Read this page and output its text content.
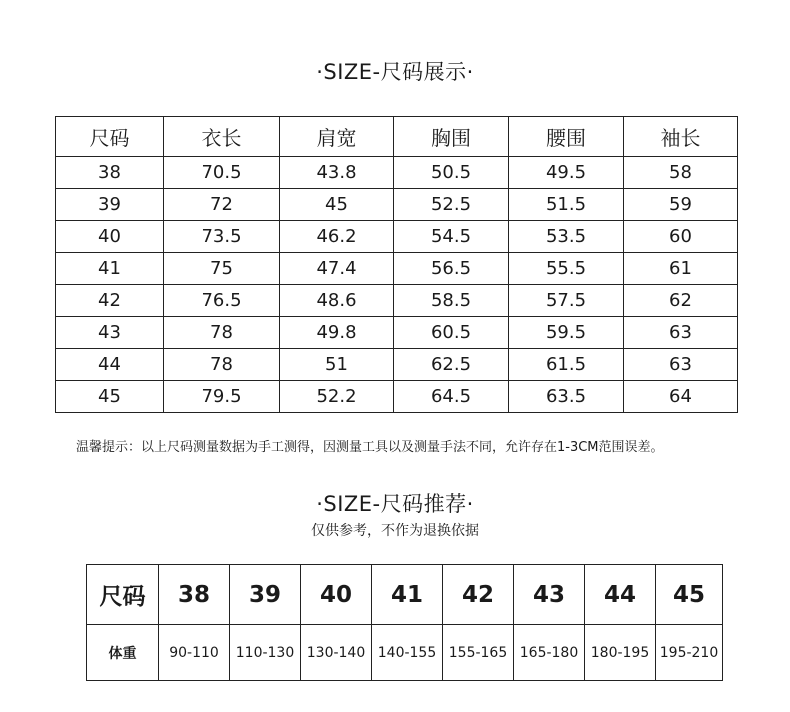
·SIZE-尺码展示·
尺码	衣长	肩宽	胸围	腰围	袖长
38	70.5	43.8	50.5	49.5	58
39	72	45	52.5	51.5	59
40	73.5	46.2	54.5	53.5	60
41	75	47.4	56.5	55.5	61
42	76.5	48.6	58.5	57.5	62
43	78	49.8	60.5	59.5	63
44	78	51	62.5	61.5	63
45	79.5	52.2	64.5	63.5	64
温馨提示：以上尺码测量数据为手工测得，因测量工具以及测量手法不同，允许存在1-3CM范围误差。
·SIZE-尺码推荐·
仅供参考，不作为退换依据
尺码	38	39	40	41	42	43	44	45
体重	90-110	110-130	130-140	140-155	155-165	165-180	180-195	195-210
